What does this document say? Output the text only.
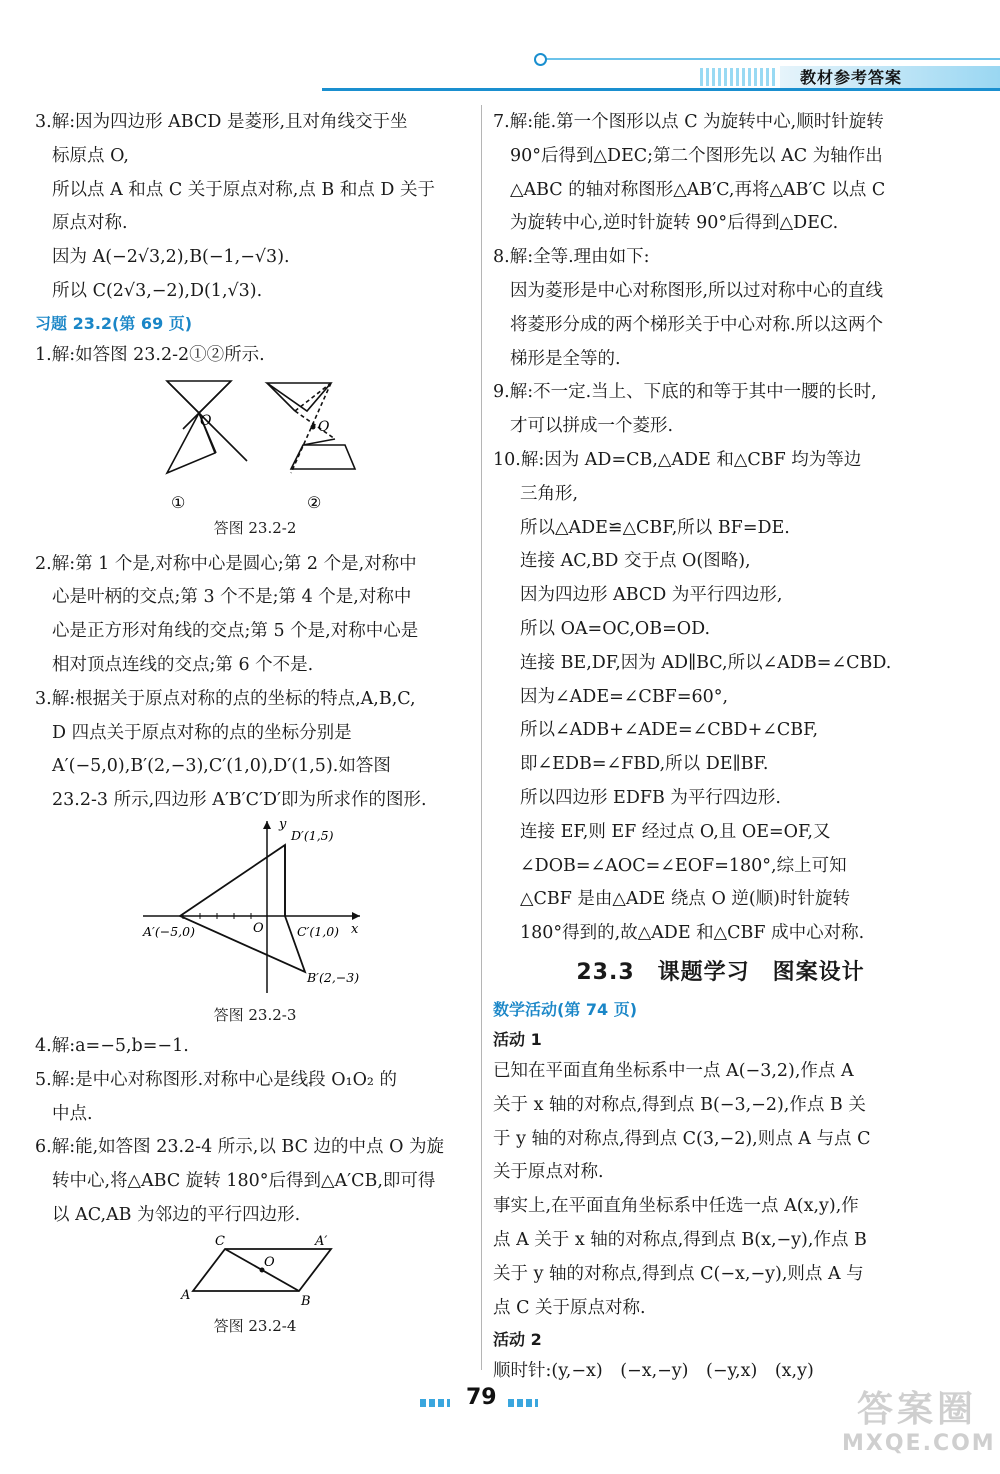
教材参考答案
3.解:因为四边形 ABCD 是菱形,且对角线交于坐
标原点 O,
所以点 A 和点 C 关于原点对称,点 B 和点 D 关于
原点对称.
因为 A(−2√3,2),B(−1,−√3).
所以 C(2√3,−2),D(1,√3).
习题 23.2(第 69 页)
1.解:如答图 23.2-2①②所示.
O	O
①	②
答图 23.2-2
2.解:第 1 个是,对称中心是圆心;第 2 个是,对称中
心是叶柄的交点;第 3 个不是;第 4 个是,对称中
心是正方形对角线的交点;第 5 个是,对称中心是
相对顶点连线的交点;第 6 个不是.
3.解:根据关于原点对称的点的坐标的特点,A,B,C,
D 四点关于原点对称的点的坐标分别是
A′(−5,0),B′(2,−3),C′(1,0),D′(1,5).如答图
23.2-3 所示,四边形 A′B′C′D′即为所求作的图形.
y
x
O
D′(1,5)
A′(−5,0)	C′(1,0)
B′(2,−3)
答图 23.2-3
4.解:a=−5,b=−1.
5.解:是中心对称图形.对称中心是线段 O₁O₂ 的
中点.
6.解:能,如答图 23.2-4 所示,以 BC 边的中点 O 为旋
转中心,将△ABC 旋转 180°后得到△A′CB,即可得
以 AC,AB 为邻边的平行四边形.
C	A′
O
A	B
答图 23.2-4
7.解:能.第一个图形以点 C 为旋转中心,顺时针旋转
90°后得到△DEC;第二个图形先以 AC 为轴作出
△ABC 的轴对称图形△AB′C,再将△AB′C 以点 C
为旋转中心,逆时针旋转 90°后得到△DEC.
8.解:全等.理由如下:
因为菱形是中心对称图形,所以过对称中心的直线
将菱形分成的两个梯形关于中心对称.所以这两个
梯形是全等的.
9.解:不一定.当上、下底的和等于其中一腰的长时,
才可以拼成一个菱形.
10.解:因为 AD=CB,△ADE 和△CBF 均为等边
三角形,
所以△ADE≌△CBF,所以 BF=DE.
连接 AC,BD 交于点 O(图略),
因为四边形 ABCD 为平行四边形,
所以 OA=OC,OB=OD.
连接 BE,DF,因为 AD∥BC,所以∠ADB=∠CBD.
因为∠ADE=∠CBF=60°,
所以∠ADB+∠ADE=∠CBD+∠CBF,
即∠EDB=∠FBD,所以 DE∥BF.
所以四边形 EDFB 为平行四边形.
连接 EF,则 EF 经过点 O,且 OE=OF,又
∠DOB=∠AOC=∠EOF=180°,综上可知
△CBF 是由△ADE 绕点 O 逆(顺)时针旋转
180°得到的,故△ADE 和△CBF 成中心对称.
23.3　课题学习　图案设计
数学活动(第 74 页)
活动 1
已知在平面直角坐标系中一点 A(−3,2),作点 A
关于 x 轴的对称点,得到点 B(−3,−2),作点 B 关
于 y 轴的对称点,得到点 C(3,−2),则点 A 与点 C
关于原点对称.
事实上,在平面直角坐标系中任选一点 A(x,y),作
点 A 关于 x 轴的对称点,得到点 B(x,−y),作点 B
关于 y 轴的对称点,得到点 C(−x,−y),则点 A 与
点 C 关于原点对称.
活动 2
顺时针:(y,−x)　(−x,−y)　(−y,x)　(x,y)
79	答案圈
MXQE.COM
